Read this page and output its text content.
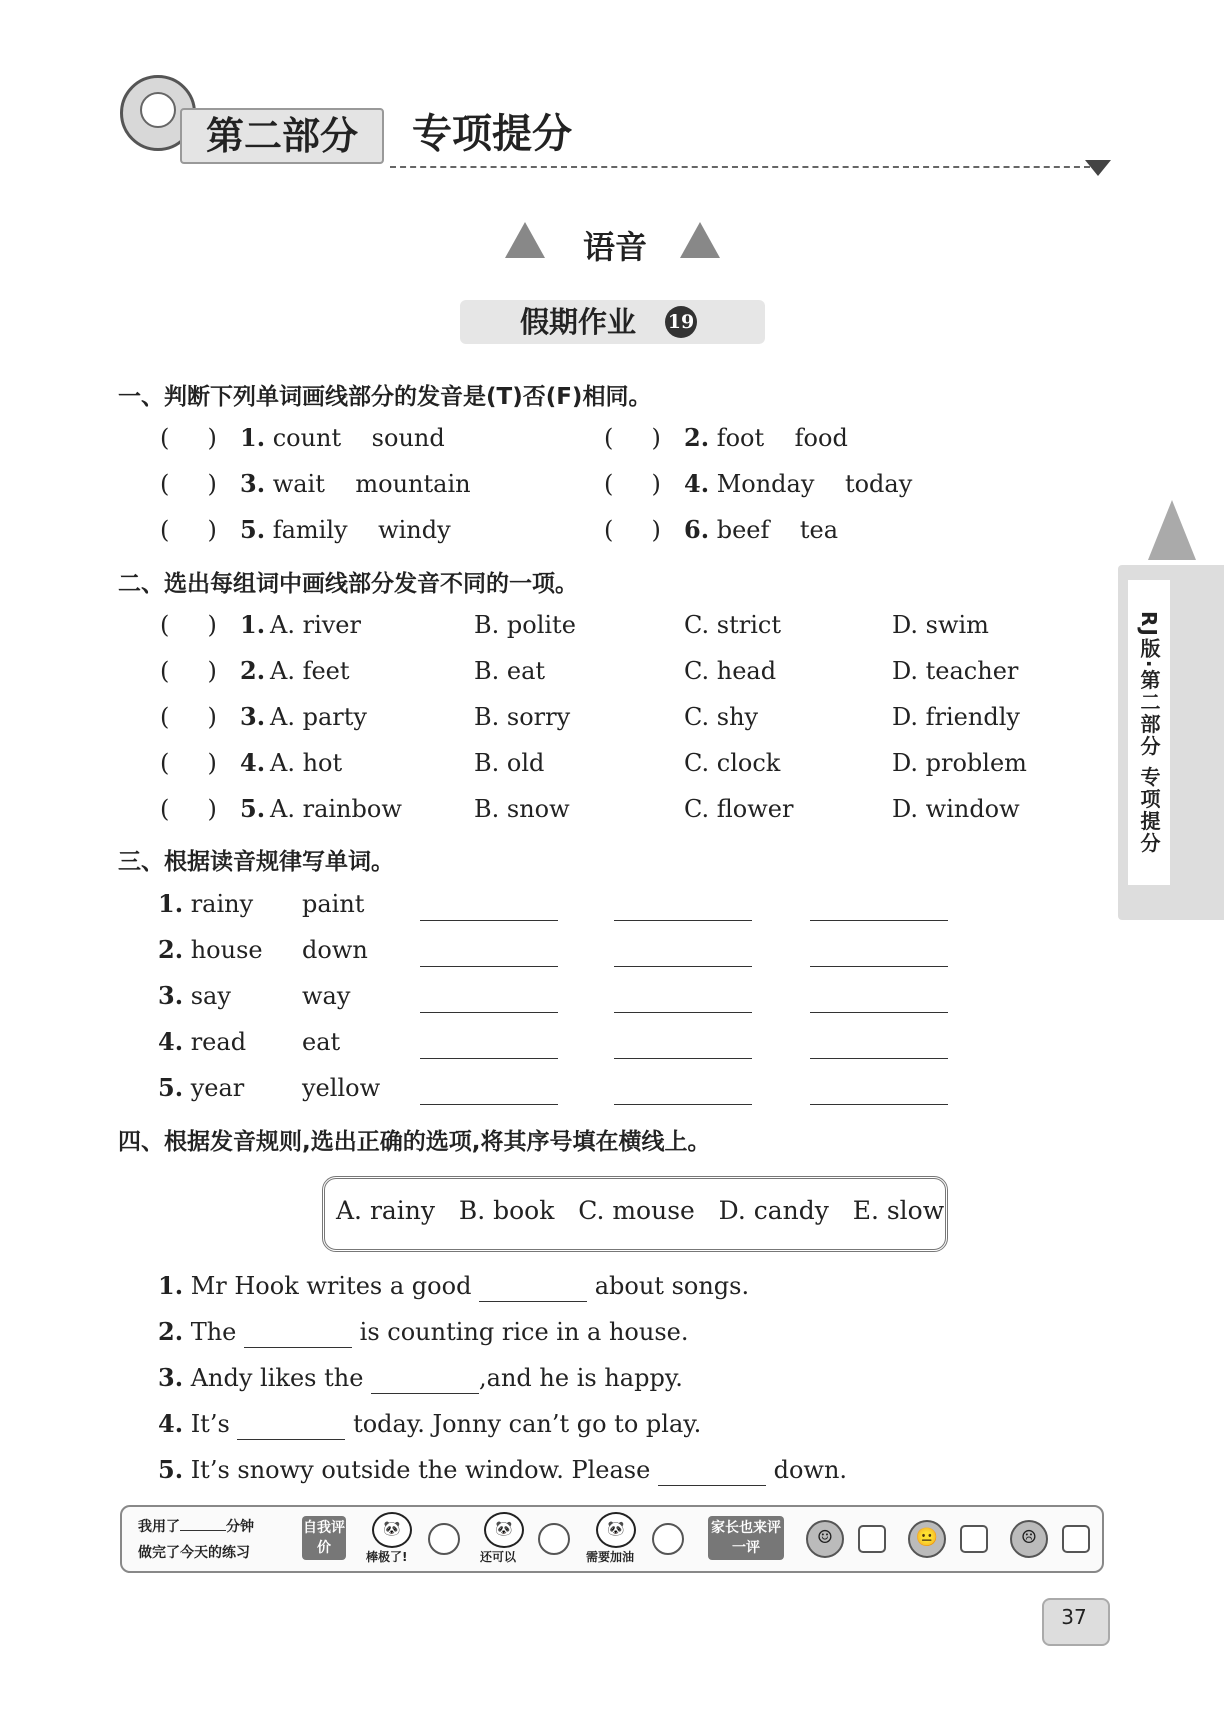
第二部分	专项提分
语音
假期作业 19
一、判断下列单词画线部分的发音是(T)否(F)相同。
(     ) 1. count sound	(     ) 2. foot food
(     ) 3. wait mountain	(     ) 4. Monday today
(     ) 5. family windy	(     ) 6. beef tea
二、选出每组词中画线部分发音不同的一项。
(     ) 1. A. river	B. polite	C. strict	D. swim
(     ) 2. A. feet	B. eat	C. head	D. teacher
(     ) 3. A. party	B. sorry	C. shy	D. friendly
(     ) 4. A. hot	B. old	C. clock	D. problem
(     ) 5. A. rainbow	B. snow	C. flower	D. window
三、根据读音规律写单词。
1. rainy paint
2. house down
3. say	way
4. read eat
5. year yellow
四、根据发音规则,选出正确的选项,将其序号填在横线上。
A. rainy   B. book   C. mouse   D. candy   E. slow
1. Mr Hook writes a good	about songs.
2. The	is counting rice in a house.
3. Andy likes the	,and he is happy.
4. It’s	today. Jonny can’t go to play.
5. It’s snowy outside the window. Please	down.
RJ版·第二部分 专项提分
我用了	分钟
做完了今天的练习
自我评价
🐼
棒极了!
🐼
还可以
🐼
需要加油
家长也来评一评	☺	😐	☹
37
